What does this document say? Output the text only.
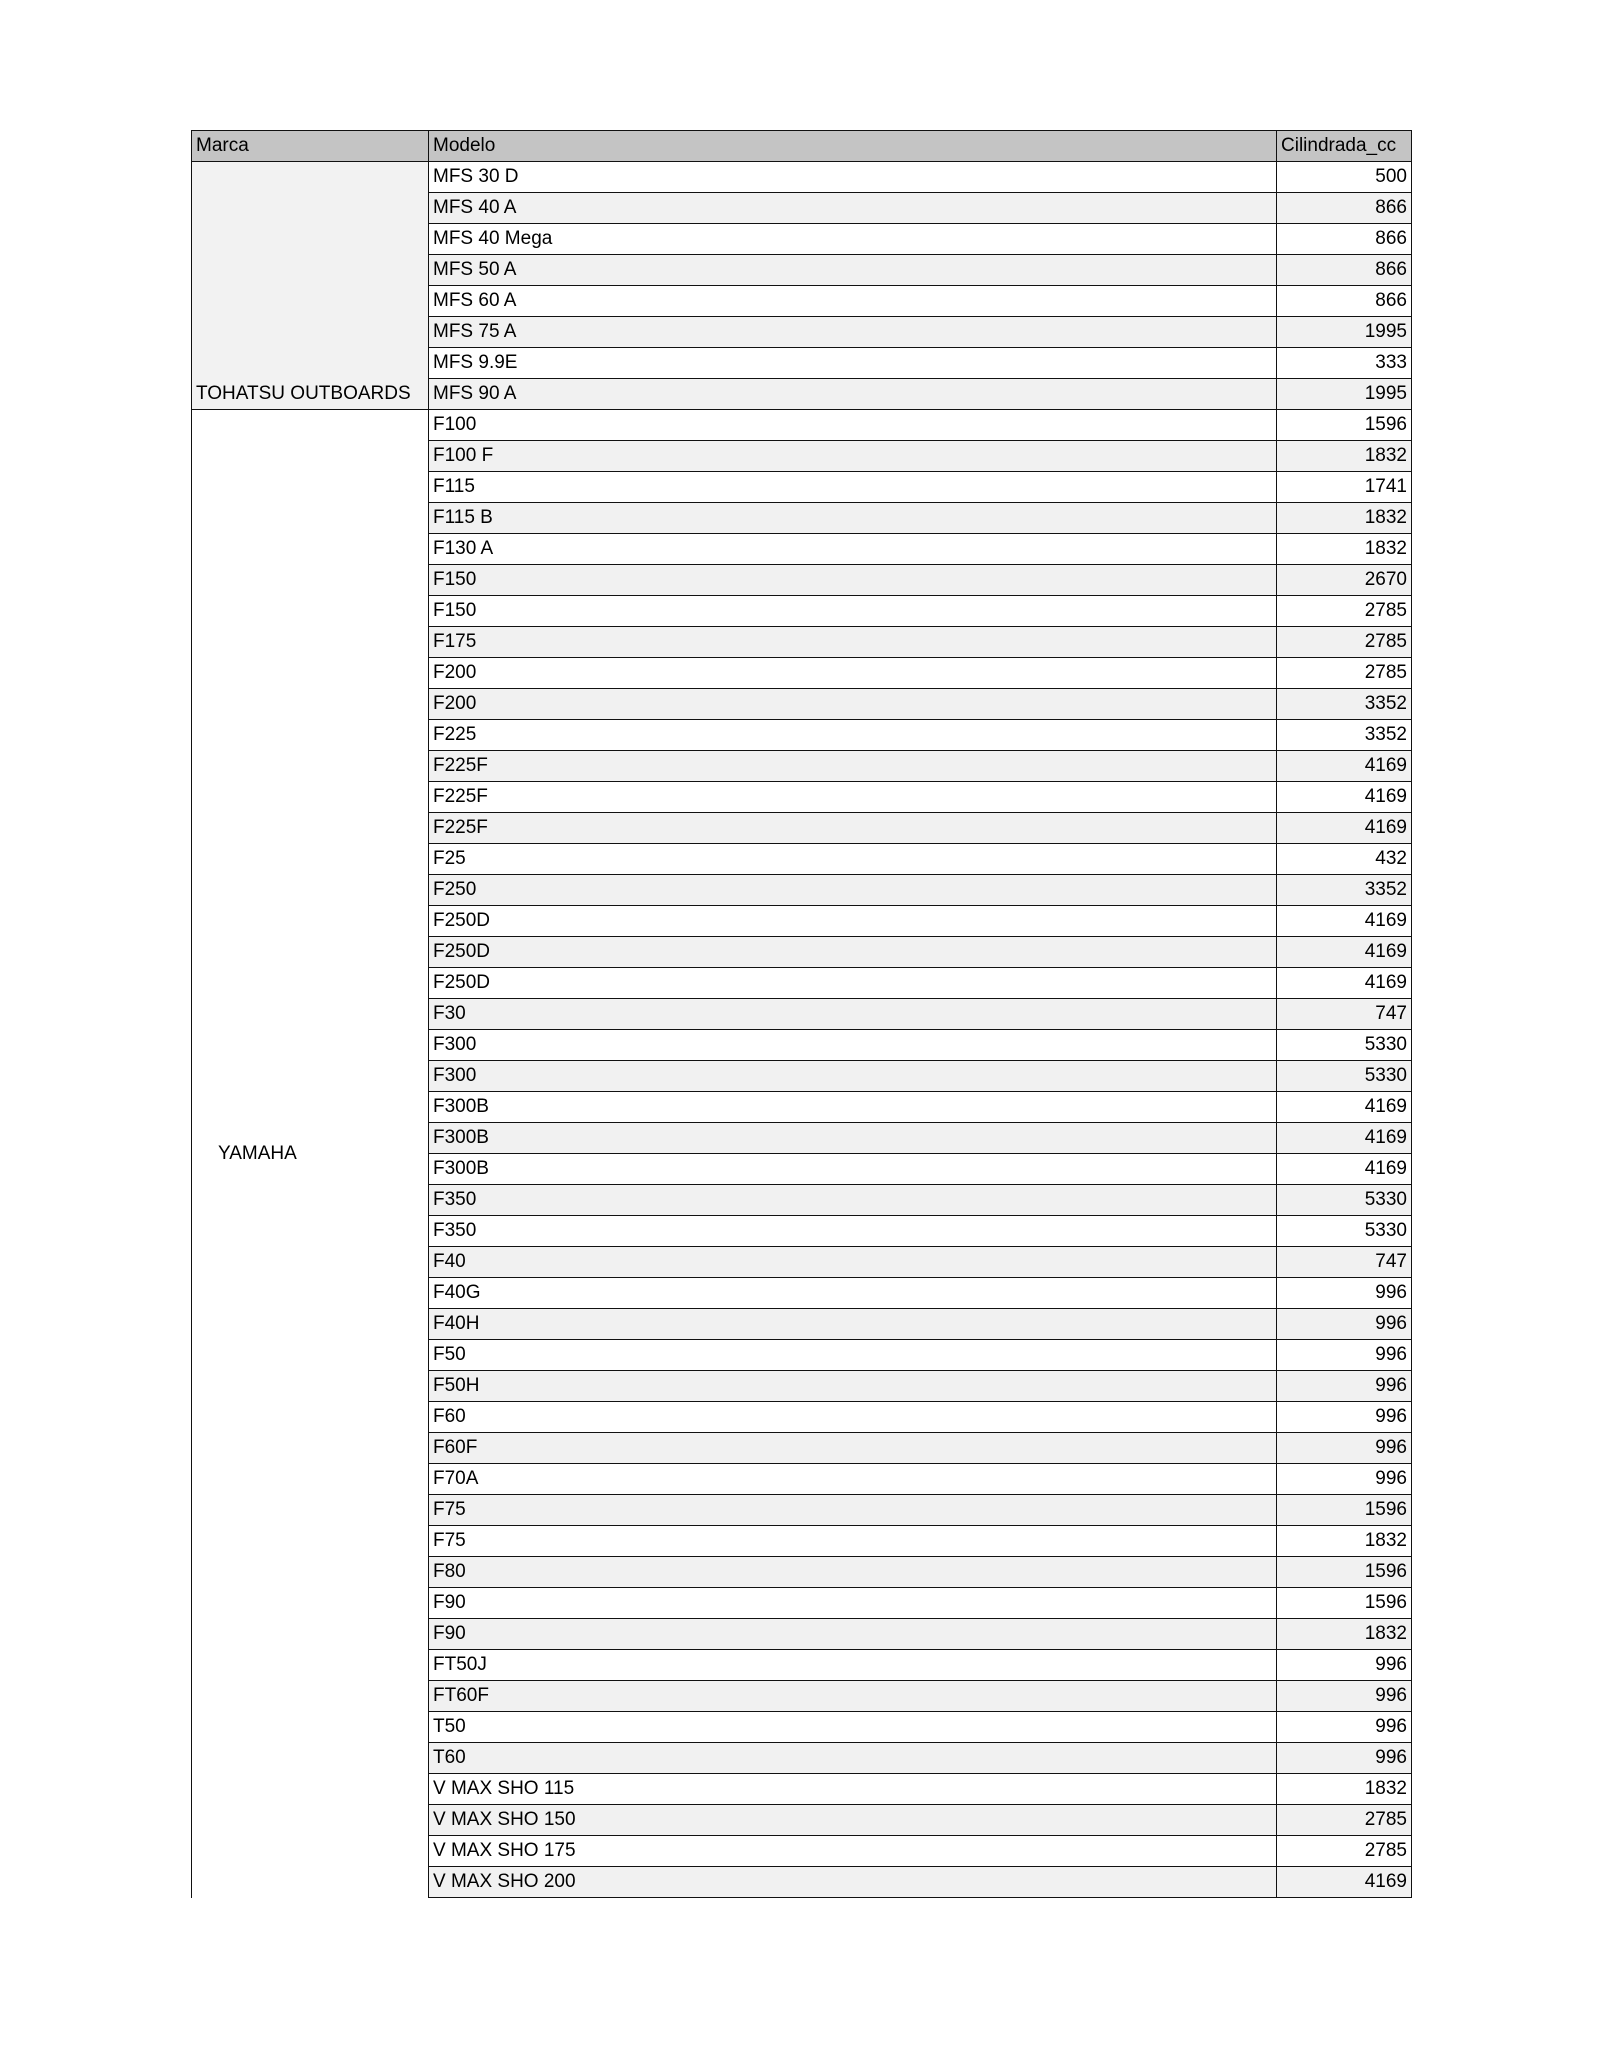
Marca	Modelo	Cilindrada_cc
TOHATSU OUTBOARDS	MFS 30 D	500
	MFS 40 A	866
	MFS 40 Mega	866
	MFS 50 A	866
	MFS 60 A	866
	MFS 75 A	1995
	MFS 9.9E	333
	MFS 90 A	1995
YAMAHA	F100	1596
	F100 F	1832
	F115	1741
	F115 B	1832
	F130 A	1832
	F150	2670
	F150	2785
	F175	2785
	F200	2785
	F200	3352
	F225	3352
	F225F	4169
	F225F	4169
	F225F	4169
	F25	432
	F250	3352
	F250D	4169
	F250D	4169
	F250D	4169
	F30	747
	F300	5330
	F300	5330
	F300B	4169
	F300B	4169
	F300B	4169
	F350	5330
	F350	5330
	F40	747
	F40G	996
	F40H	996
	F50	996
	F50H	996
	F60	996
	F60F	996
	F70A	996
	F75	1596
	F75	1832
	F80	1596
	F90	1596
	F90	1832
	FT50J	996
	FT60F	996
	T50	996
	T60	996
	V MAX SHO 115	1832
	V MAX SHO 150	2785
	V MAX SHO 175	2785
	V MAX SHO 200	4169
